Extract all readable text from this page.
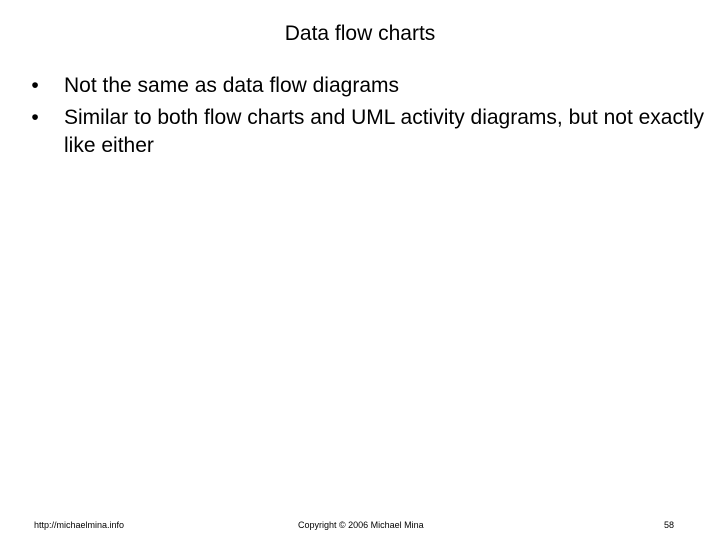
Data flow charts
• Not the same as data flow diagrams
• Similar to both flow charts and UML activity diagrams, but not exactly like either
http://michaelmina.info	Copyright © 2006 Michael Mina	58
